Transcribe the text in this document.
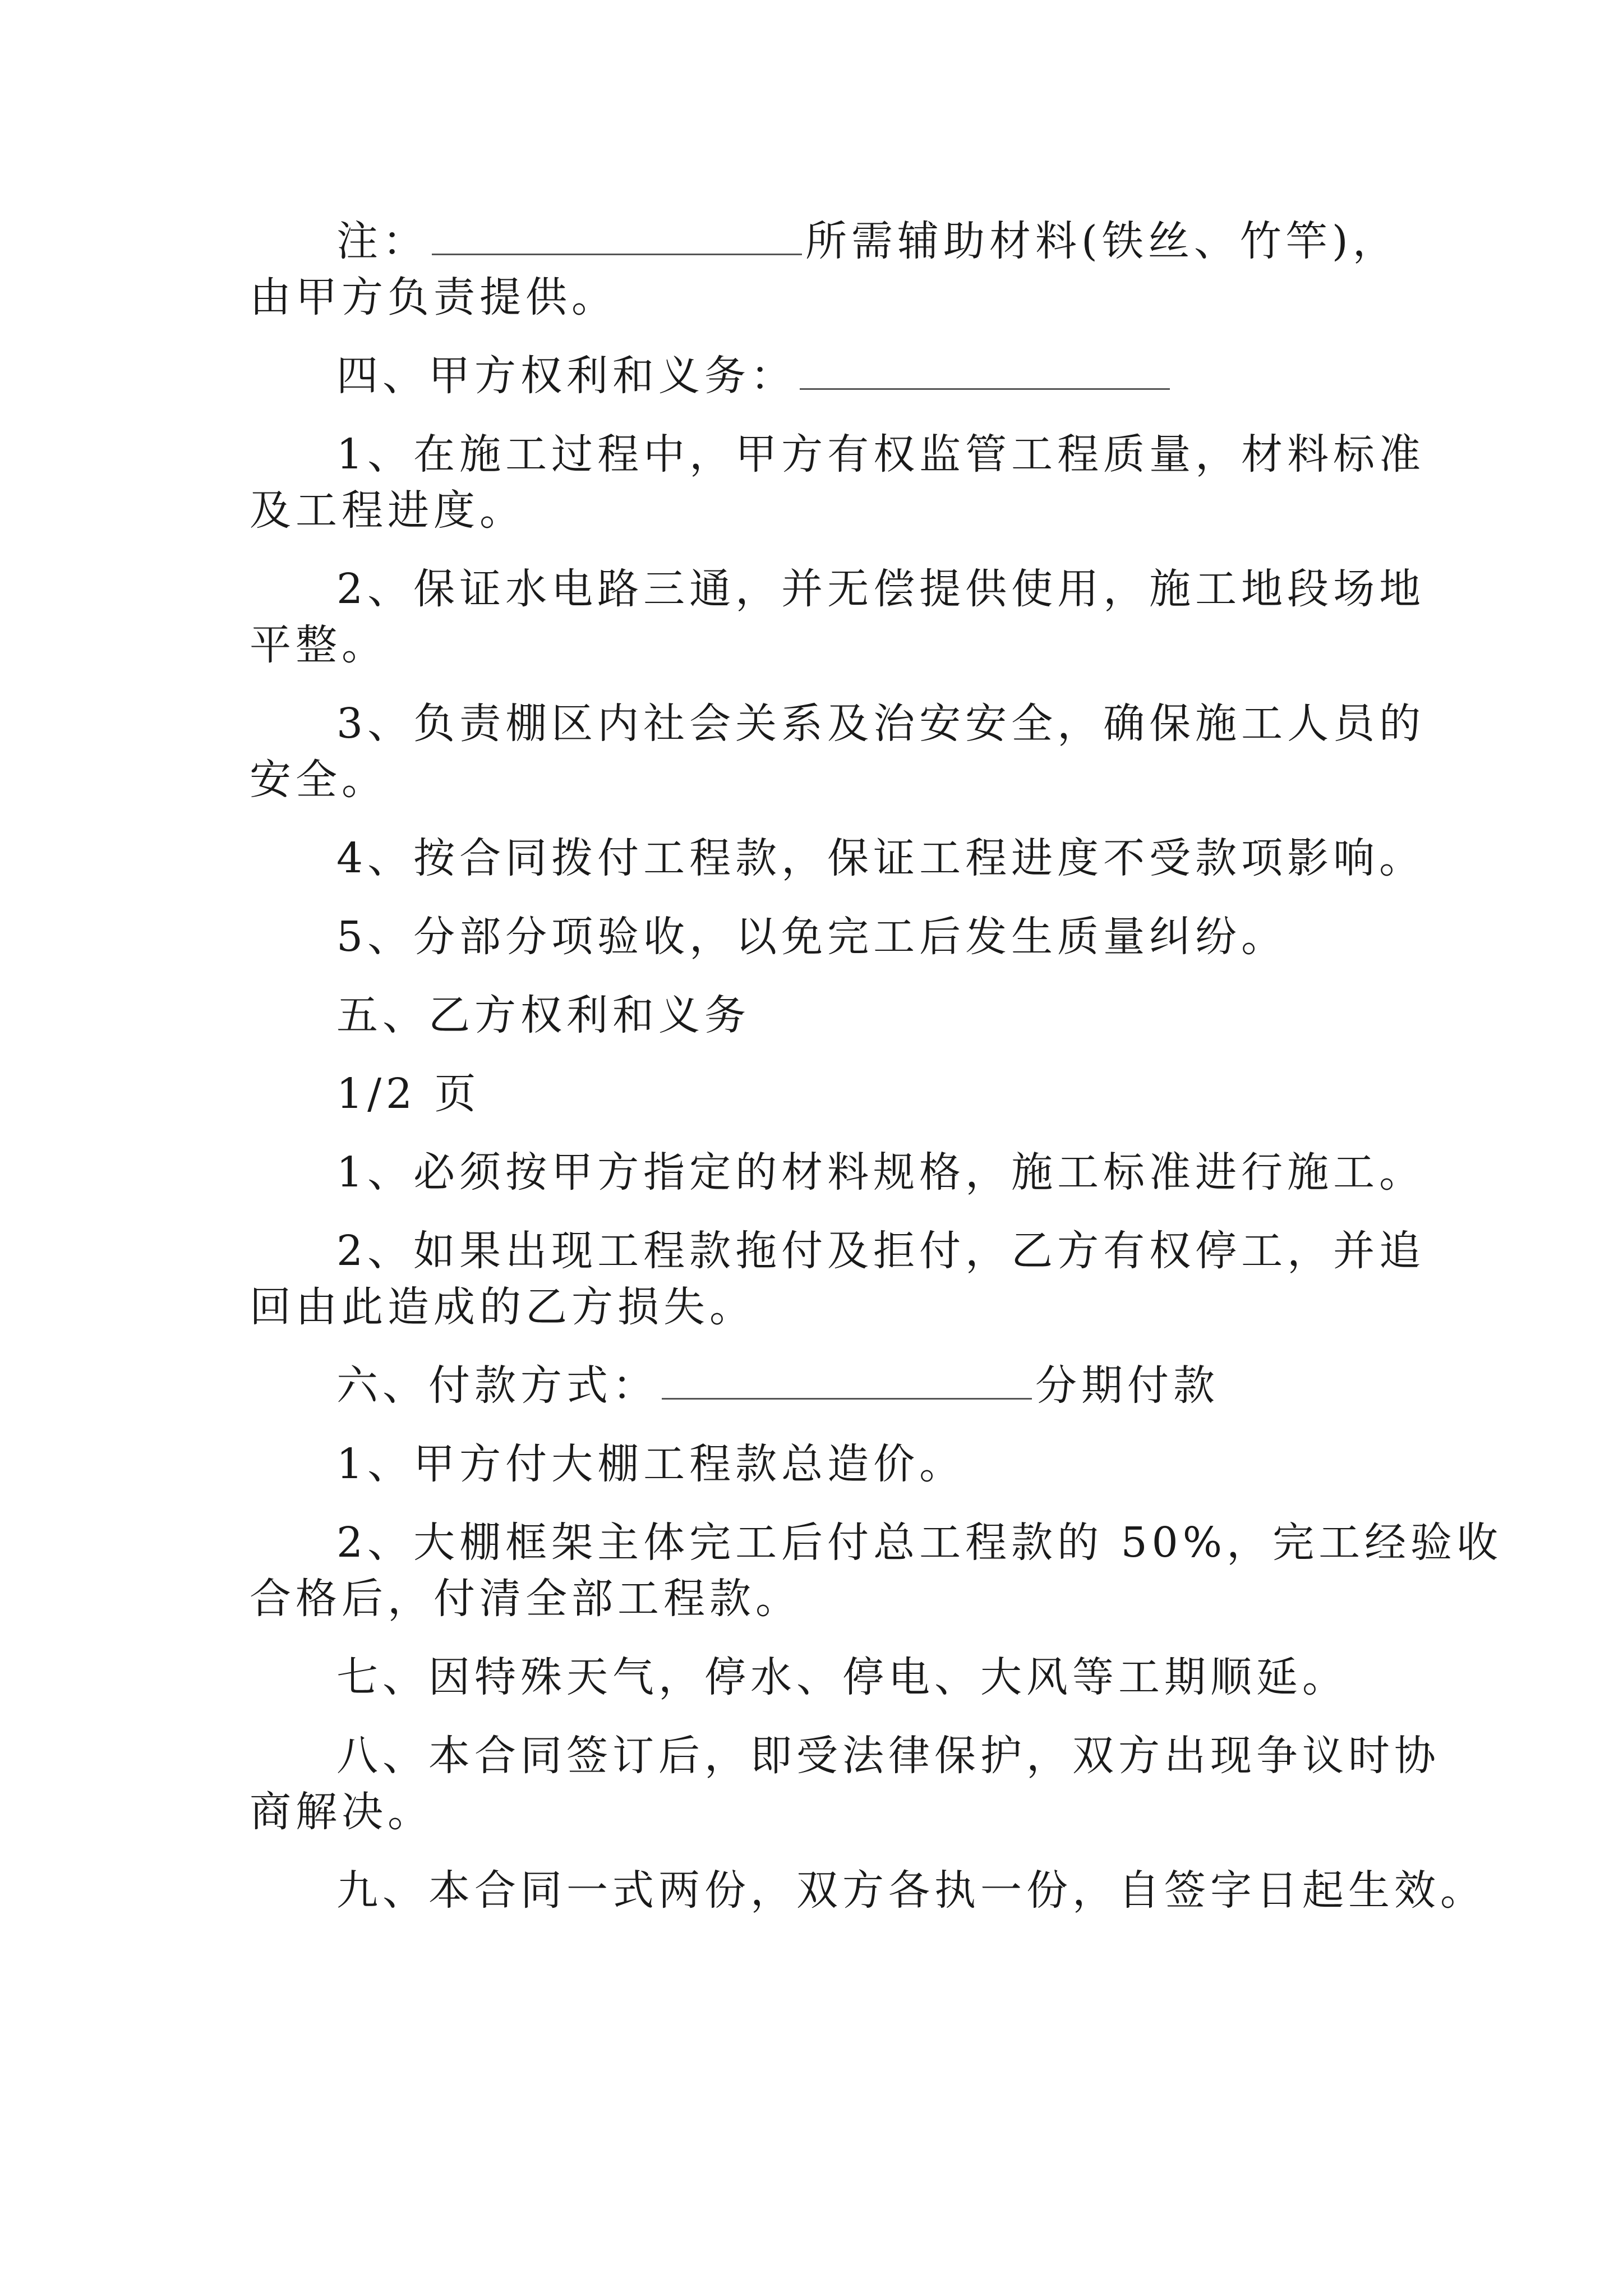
注：	所需辅助材料(铁丝、竹竿)，
由甲方负责提供。
四、甲方权利和义务：
1、在施工过程中，甲方有权监管工程质量，材料标准
及工程进度。
2、保证水电路三通，并无偿提供使用，施工地段场地
平整。
3、负责棚区内社会关系及治安安全，确保施工人员的
安全。
4、按合同拨付工程款，保证工程进度不受款项影响。
5、分部分项验收，以免完工后发生质量纠纷。
五、乙方权利和义务
1/2 页
1、必须按甲方指定的材料规格，施工标准进行施工。
2、如果出现工程款拖付及拒付，乙方有权停工，并追
回由此造成的乙方损失。
六、付款方式：	分期付款
1、甲方付大棚工程款总造价。
2、大棚框架主体完工后付总工程款的 50%，完工经验收
合格后，付清全部工程款。
七、因特殊天气，停水、停电、大风等工期顺延。
八、本合同签订后，即受法律保护，双方出现争议时协
商解决。
九、本合同一式两份，双方各执一份，自签字日起生效。
